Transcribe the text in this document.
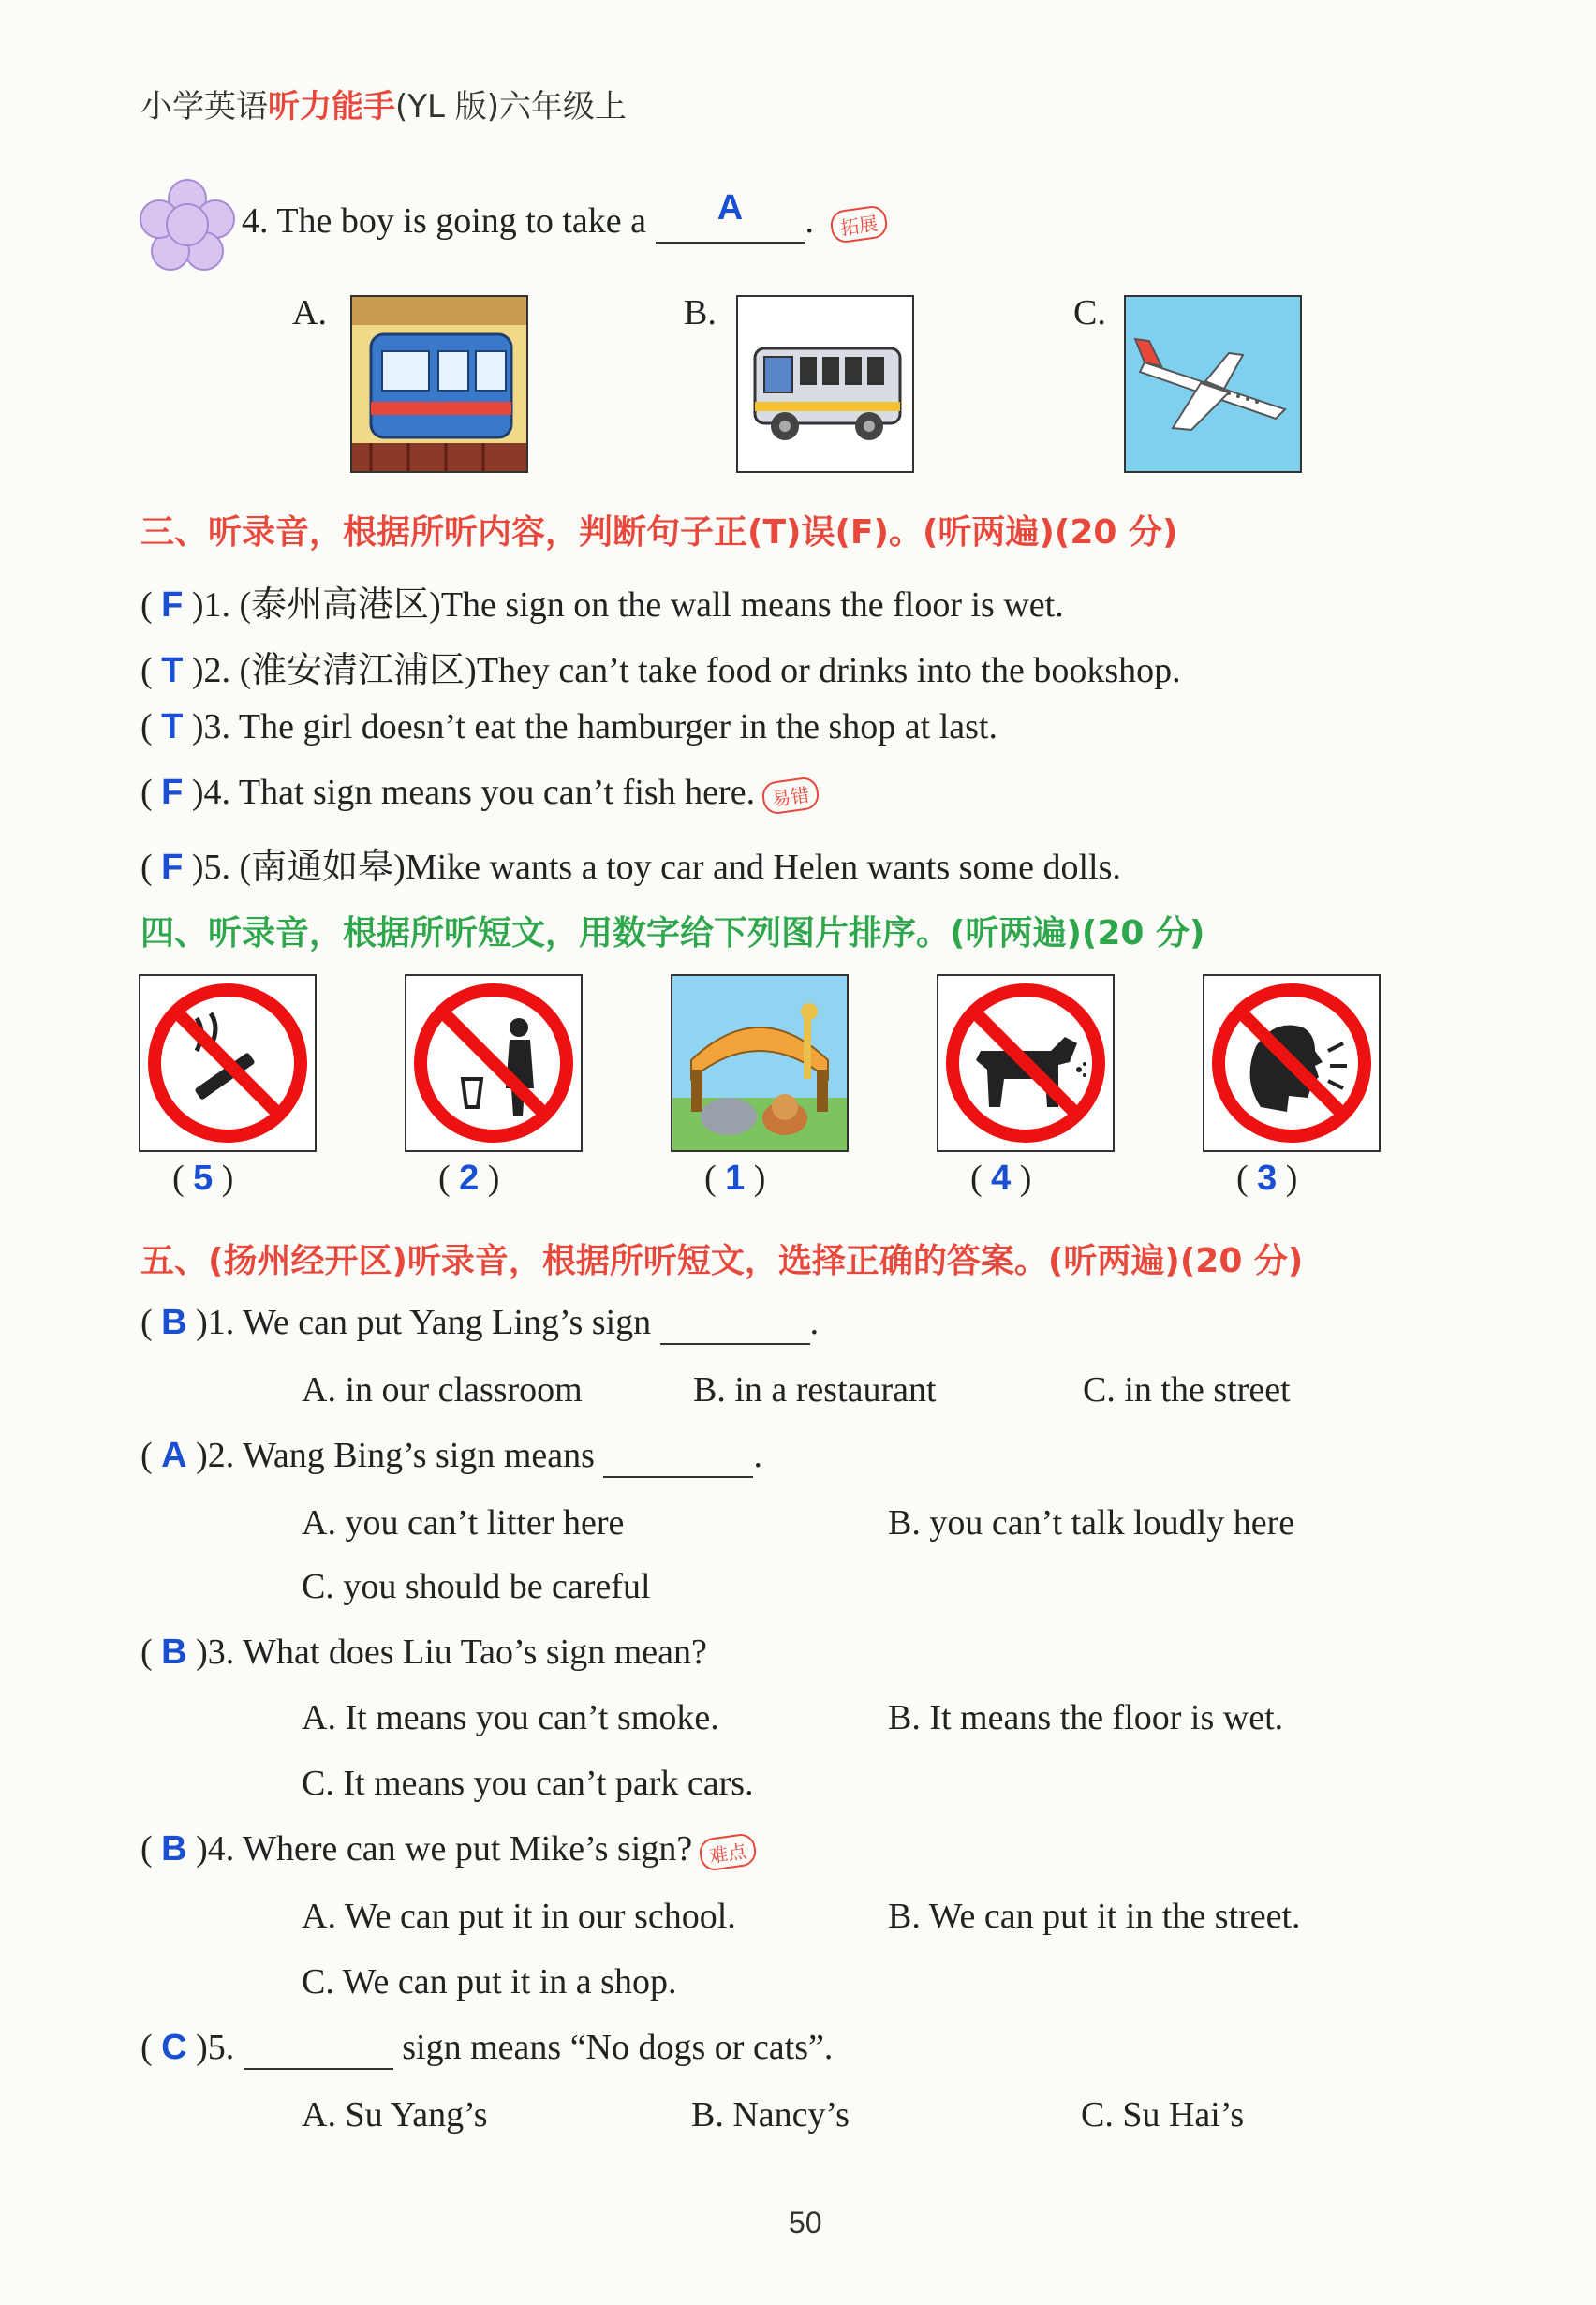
小学英语听力能手(YL 版)六年级上
4. The boy is going to take a A . 拓展
A.	B.	C.
三、听录音，根据所听内容，判断句子正(T)误(F)。(听两遍)(20 分)
( F )1. (泰州高港区)The sign on the wall means the floor is wet.
( T )2. (淮安清江浦区)They can’t take food or drinks into the bookshop.
( T )3. The girl doesn’t eat the hamburger in the shop at last.
( F )4. That sign means you can’t fish here. 易错
( F )5. (南通如皋)Mike wants a toy car and Helen wants some dolls.
四、听录音，根据所听短文，用数字给下列图片排序。(听两遍)(20 分)
( 5 )	( 2 )	( 1 )	( 4 )	( 3 )
五、(扬州经开区)听录音，根据所听短文，选择正确的答案。(听两遍)(20 分)
( B )1. We can put Yang Ling’s sign	.
A. in our classroom	B. in a restaurant	C. in the street
( A )2. Wang Bing’s sign means	.
A. you can’t litter here	B. you can’t talk loudly here
C. you should be careful
( B )3. What does Liu Tao’s sign mean?
A. It means you can’t smoke.	B. It means the floor is wet.
C. It means you can’t park cars.
( B )4. Where can we put Mike’s sign? 难点
A. We can put it in our school.	B. We can put it in the street.
C. We can put it in a shop.
( C )5.	sign means “No dogs or cats”.
A. Su Yang’s	B. Nancy’s	C. Su Hai’s
50
